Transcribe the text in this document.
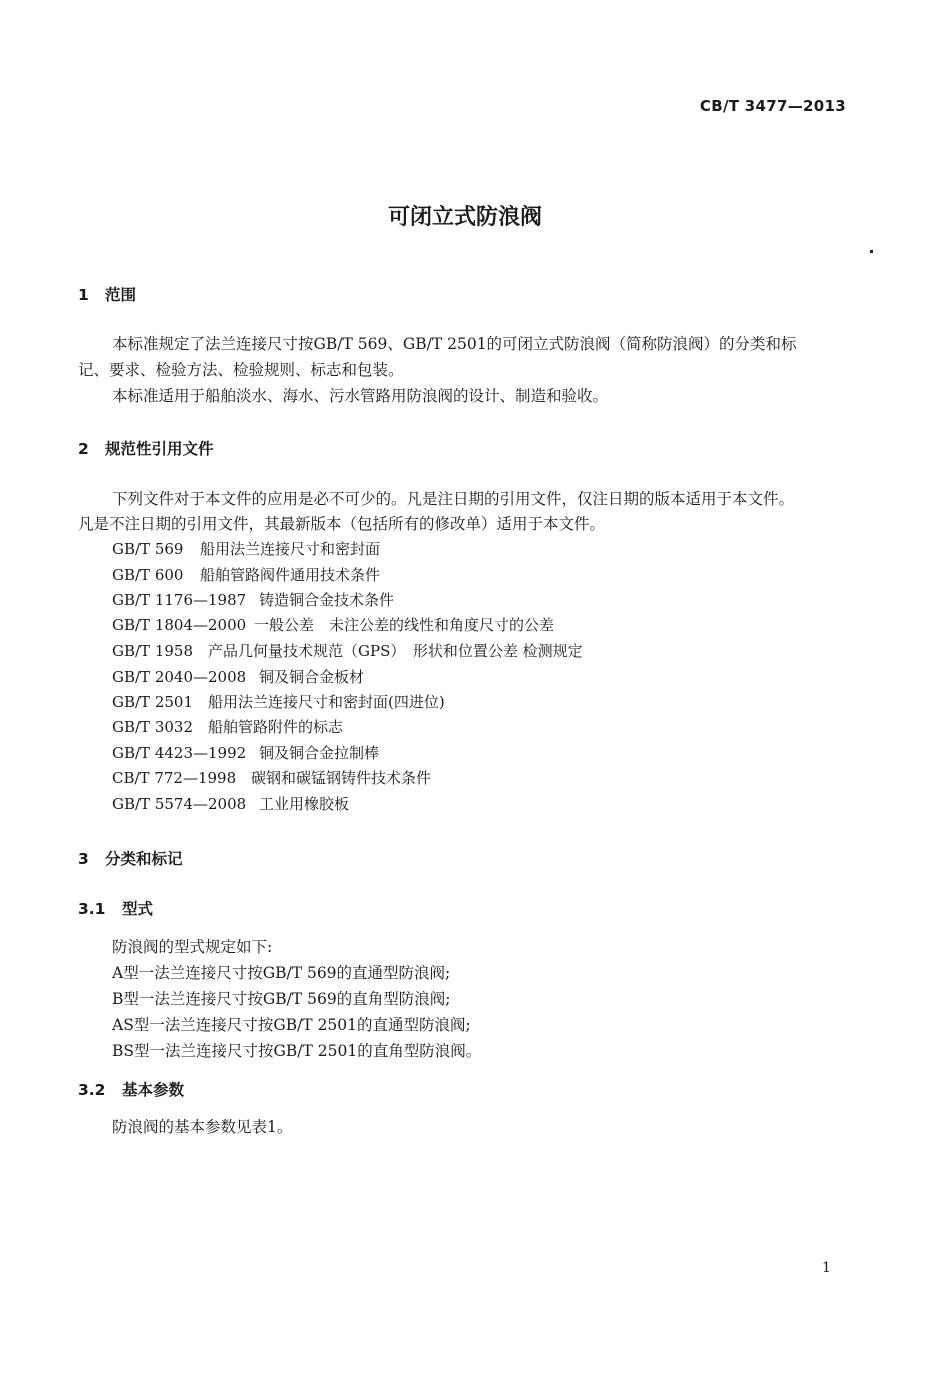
CB/T 3477—2013
可闭立式防浪阀
1 范围
本标准规定了法兰连接尺寸按GB/T 569、GB/T 2501的可闭立式防浪阀（简称防浪阀）的分类和标
记、要求、检验方法、检验规则、标志和包装。
本标准适用于船舶淡水、海水、污水管路用防浪阀的设计、制造和验收。
2 规范性引用文件
下列文件对于本文件的应用是必不可少的。凡是注日期的引用文件，仅注日期的版本适用于本文件。
凡是不注日期的引用文件，其最新版本（包括所有的修改单）适用于本文件。
GB/T 569 船用法兰连接尺寸和密封面
GB/T 600 船舶管路阀件通用技术条件
GB/T 1176—1987 铸造铜合金技术条件
GB/T 1804—2000 一般公差　未注公差的线性和角度尺寸的公差
GB/T 1958 产品几何量技术规范（GPS）　形状和位置公差 检测规定
GB/T 2040—2008 铜及铜合金板材
GB/T 2501 船用法兰连接尺寸和密封面(四进位)
GB/T 3032 船舶管路附件的标志
GB/T 4423—1992 铜及铜合金拉制棒
CB/T 772—1998 碳钢和碳锰钢铸件技术条件
GB/T 5574—2008 工业用橡胶板
3 分类和标记
3.1 型式
防浪阀的型式规定如下:
A型一法兰连接尺寸按GB/T 569的直通型防浪阀;
B型一法兰连接尺寸按GB/T 569的直角型防浪阀;
AS型一法兰连接尺寸按GB/T 2501的直通型防浪阀;
BS型一法兰连接尺寸按GB/T 2501的直角型防浪阀。
3.2 基本参数
防浪阀的基本参数见表1。
1
